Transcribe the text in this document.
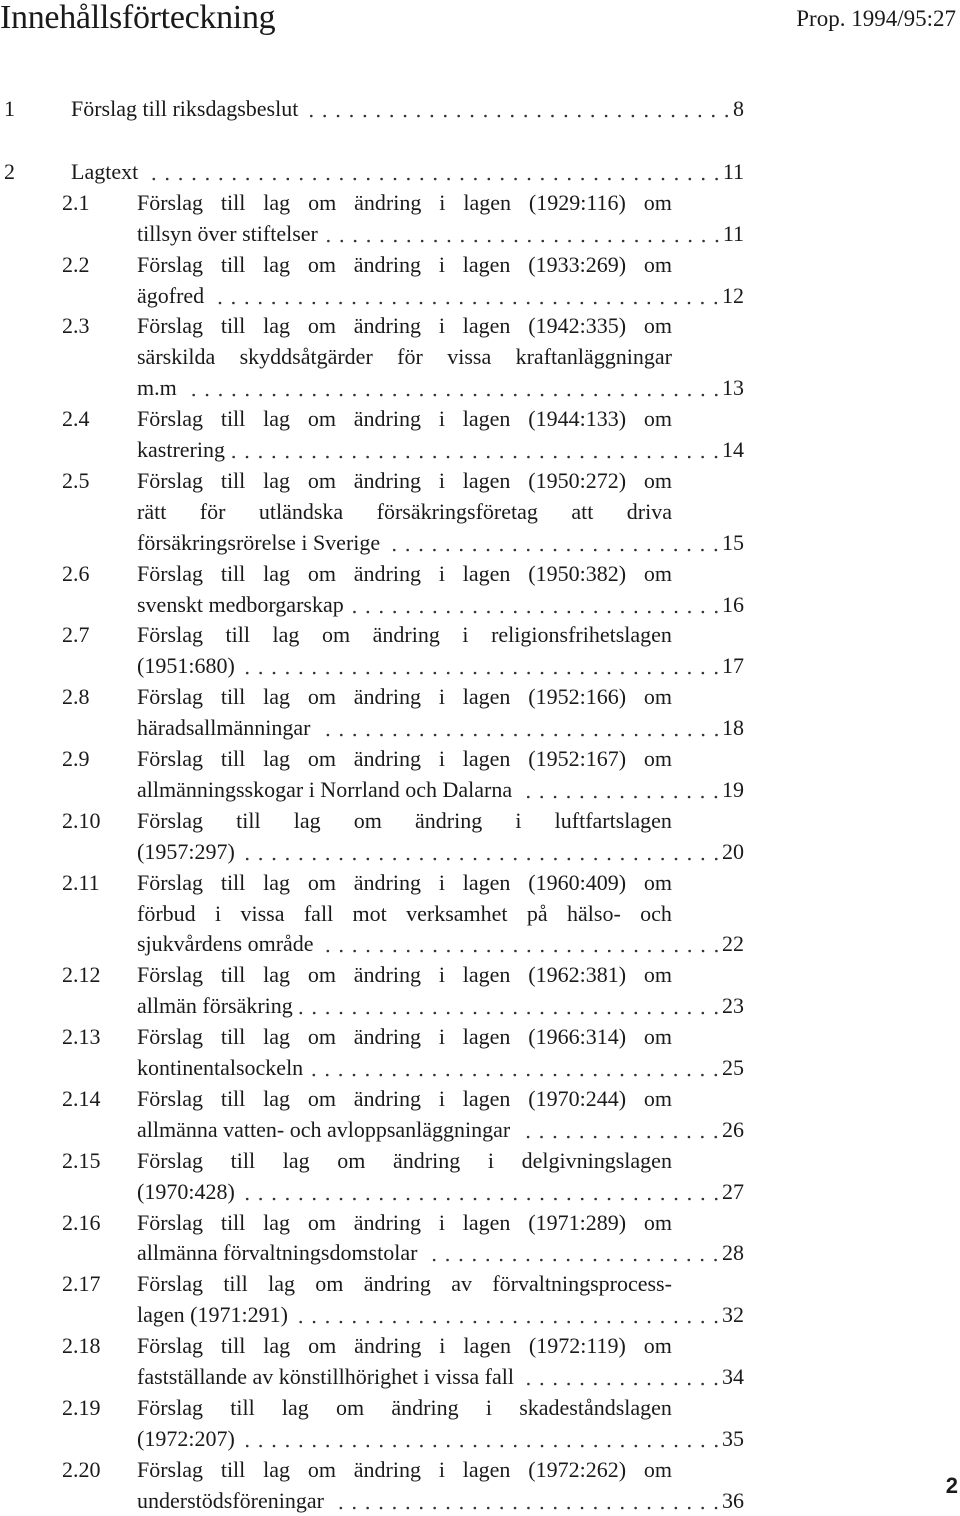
Innehållsförteckning	Prop. 1994/95:27
1	Förslag till riksdagsbeslut	8
2	Lagtext	11
2.1 Förslag till lag om ändring i lagen (1929:116) om
tillsyn över stiftelser	11
2.2 Förslag till lag om ändring i lagen (1933:269) om
ägofred	12
2.3 Förslag till lag om ändring i lagen (1942:335) om
särskilda skyddsåtgärder för vissa kraftanläggningar
m.m	13
2.4 Förslag till lag om ändring i lagen (1944:133) om
kastrering	14
2.5 Förslag till lag om ändring i lagen (1950:272) om
rätt för utländska försäkringsföretag att driva
försäkringsrörelse i Sverige	15
2.6 Förslag till lag om ändring i lagen (1950:382) om
svenskt medborgarskap	16
2.7 Förslag till lag om ändring i religionsfrihetslagen
(1951:680)	17
2.8 Förslag till lag om ändring i lagen (1952:166) om
häradsallmänningar	18
2.9 Förslag till lag om ändring i lagen (1952:167) om
allmänningsskogar i Norrland och Dalarna	19
2.10 Förslag till lag om ändring i luftfartslagen
(1957:297)	20
2.11 Förslag till lag om ändring i lagen (1960:409) om
förbud i vissa fall mot verksamhet på hälso- och
sjukvårdens område	22
2.12 Förslag till lag om ändring i lagen (1962:381) om
allmän försäkring	23
2.13 Förslag till lag om ändring i lagen (1966:314) om
kontinentalsockeln	25
2.14 Förslag till lag om ändring i lagen (1970:244) om
allmänna vatten- och avloppsanläggningar	26
2.15 Förslag till lag om ändring i delgivningslagen
(1970:428)	27
2.16 Förslag till lag om ändring i lagen (1971:289) om
allmänna förvaltningsdomstolar	28
2.17 Förslag till lag om ändring av förvaltningsprocess-
lagen (1971:291)	32
2.18 Förslag till lag om ändring i lagen (1972:119) om
fastställande av könstillhörighet i vissa fall	34
2.19 Förslag till lag om ändring i skadeståndslagen
(1972:207)	35
2.20 Förslag till lag om ändring i lagen (1972:262) om
understödsföreningar	36
2
